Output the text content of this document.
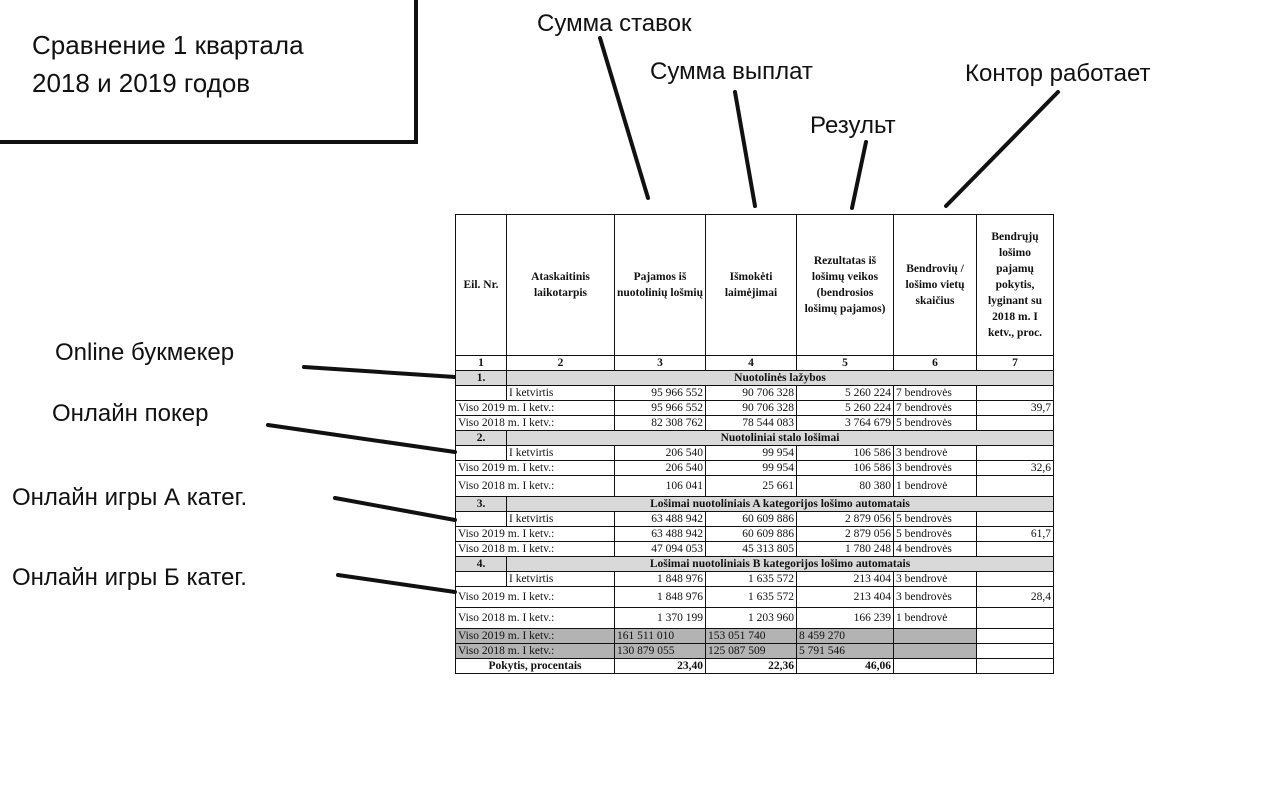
Сравнение 1 квартала
2018 и 2019 годов
Сумма ставок
Сумма выплат
Результ
Контор работает
Online букмекер
Онлайн покер
Онлайн игры А катег.
Онлайн игры Б катег.
Eil. Nr.	Ataskaitinis laikotarpis	Pajamos iš nuotolinių lošmių	Išmokėti laimėjimai	Rezultatas iš lošimų veikos (bendrosios lošimų pajamos)	Bendrovių / lošimo vietų skaičius	Bendrųjų lošimo pajamų pokytis, lyginant su 2018 m. I ketv., proc.
1	2	3	4	5	6	7
1.	Nuotolinės lažybos					
	I ketvirtis	95 966 552	90 706 328	5 260 224	7 bendrovės	
Viso 2019 m. I ketv.:		95 966 552	90 706 328	5 260 224	7 bendrovės	39,7
Viso 2018 m. I ketv.:		82 308 762	78 544 083	3 764 679	5 bendrovės	
2.	Nuotoliniai stalo lošimai					
	I ketvirtis	206 540	99 954	106 586	3 bendrovė	
Viso 2019 m. I ketv.:		206 540	99 954	106 586	3 bendrovės	32,6
Viso 2018 m. I ketv.:		106 041	25 661	80 380	1 bendrovė	
3.	Lošimai nuotoliniais A kategorijos lošimo automatais					
	I ketvirtis	63 488 942	60 609 886	2 879 056	5 bendrovės	
Viso 2019 m. I ketv.:		63 488 942	60 609 886	2 879 056	5 bendrovės	61,7
Viso 2018 m. I ketv.:		47 094 053	45 313 805	1 780 248	4 bendrovės	
4.	Lošimai nuotoliniais B kategorijos lošimo automatais					
	I ketvirtis	1 848 976	1 635 572	213 404	3 bendrovė	
Viso 2019 m. I ketv.:		1 848 976	1 635 572	213 404	3 bendrovės	28,4
Viso 2018 m. I ketv.:		1 370 199	1 203 960	166 239	1 bendrovė	
Viso 2019 m. I ketv.:		161 511 010	153 051 740	8 459 270		
Viso 2018 m. I ketv.:		130 879 055	125 087 509	5 791 546		
Pokytis, procentais		23,40	22,36	46,06		
